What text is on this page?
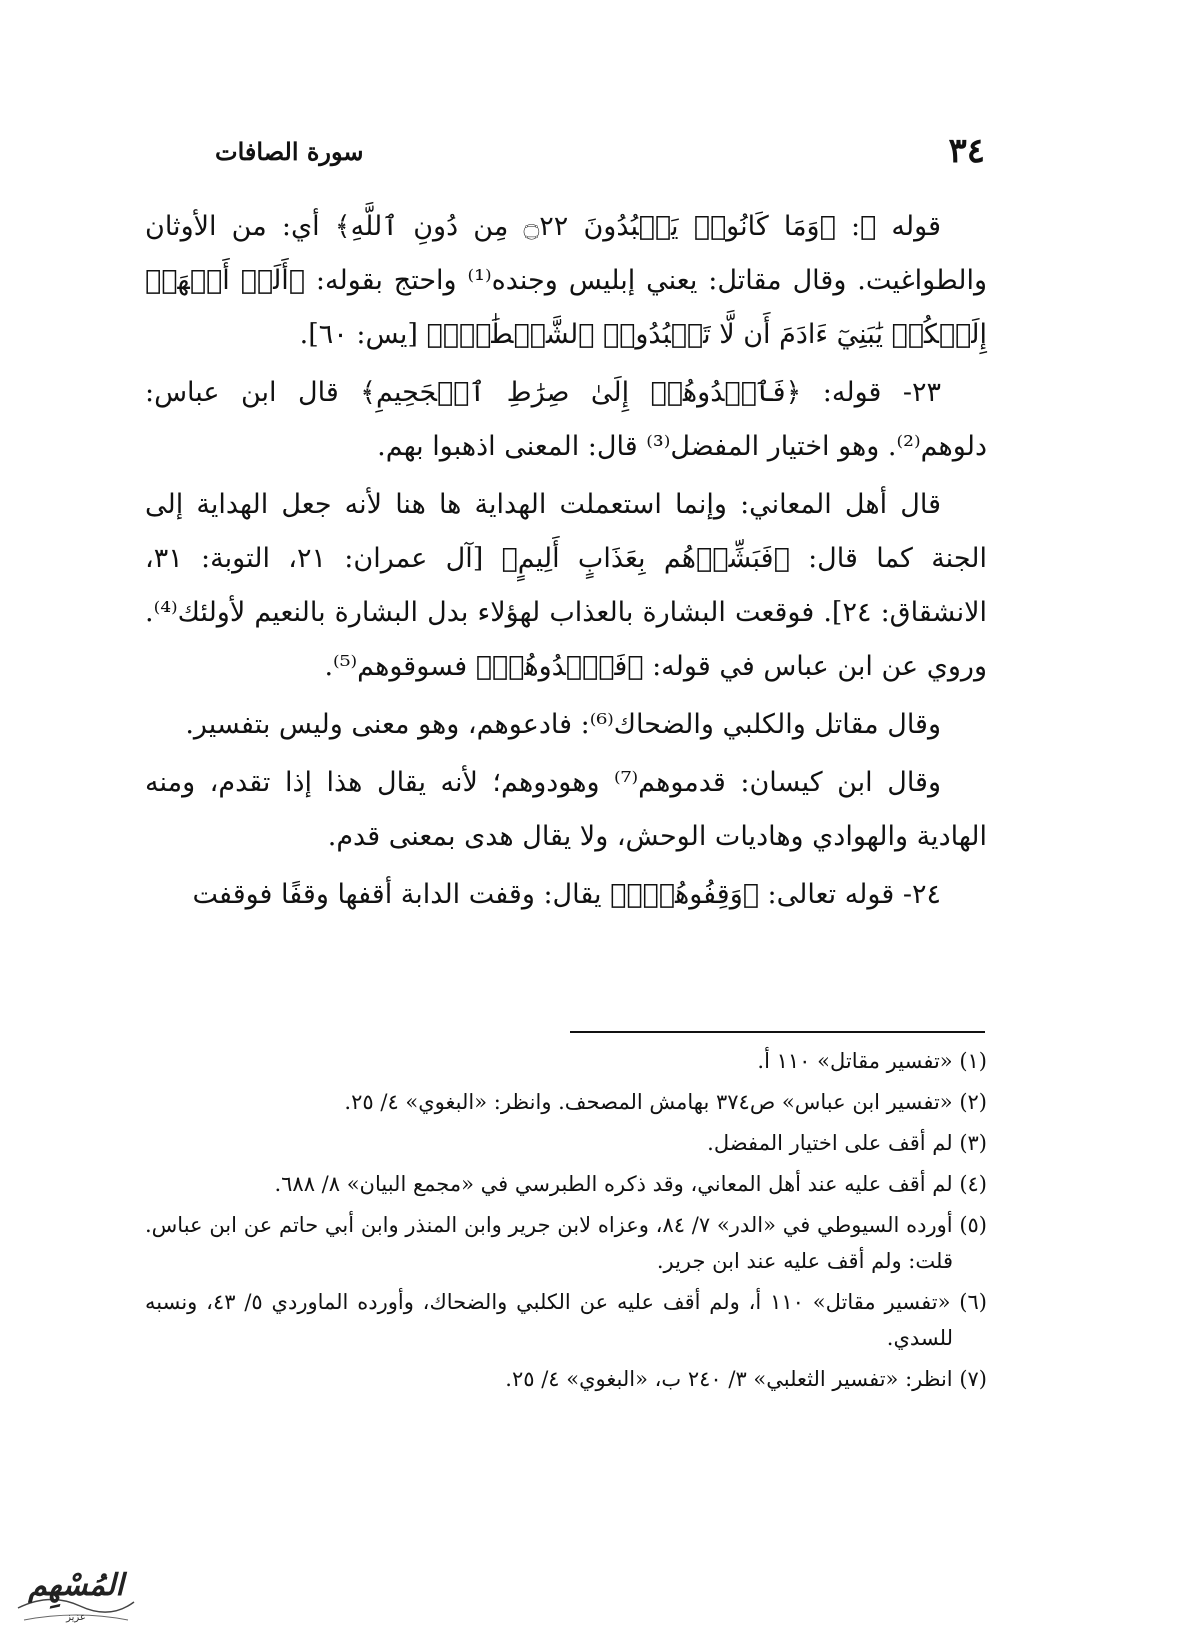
٣٤
سورة الصافات

قوله ﷻ: ﴿وَمَا كَانُوا۟ يَعۡبُدُونَ ۝٢٢ مِن دُونِ ٱللَّهِ﴾ أي: من الأوثان والطواغيت. وقال مقاتل: يعني إبليس وجنده⁽¹⁾ واحتج بقوله: ﴿أَلَمۡ أَعۡهَدۡ إِلَيۡكُمۡ يَٰبَنِيٓ ءَادَمَ أَن لَّا تَعۡبُدُوا۟ ٱلشَّيۡطَٰنَۖ﴾ [يس: ٦٠].

٢٣- قوله: ﴿فَٱهۡدُوهُمۡ إِلَىٰ صِرَٰطِ ٱلۡجَحِيمِ﴾ قال ابن عباس: دلوهم⁽²⁾. وهو اختيار المفضل⁽³⁾ قال: المعنى اذهبوا بهم.

قال أهل المعاني: وإنما استعملت الهداية ها هنا لأنه جعل الهداية إلى الجنة كما قال: ﴿فَبَشِّرۡهُم بِعَذَابٍ أَلِيمٍ﴾ [آل عمران: ٢١، التوبة: ٣١، الانشقاق: ٢٤]. فوقعت البشارة بالعذاب لهؤلاء بدل البشارة بالنعيم لأولئك⁽⁴⁾. وروي عن ابن عباس في قوله: ﴿فَٱهۡدُوهُمۡ﴾ فسوقوهم⁽⁵⁾.

وقال مقاتل والكلبي والضحاك⁽⁶⁾: فادعوهم، وهو معنى وليس بتفسير.

وقال ابن كيسان: قدموهم⁽⁷⁾ وهودوهم؛ لأنه يقال هذا إذا تقدم، ومنه الهادية والهوادي وهاديات الوحش، ولا يقال هدى بمعنى قدم.

٢٤- قوله تعالى: ﴿وَقِفُوهُمۡۖ﴾ يقال: وقفت الدابة أقفها وقفًا فوقفت

(١) «تفسير مقاتل» ١١٠ أ.
(٢) «تفسير ابن عباس» ص٣٧٤ بهامش المصحف. وانظر: «البغوي» ٤/ ٢٥.
(٣) لم أقف على اختيار المفضل.
(٤) لم أقف عليه عند أهل المعاني، وقد ذكره الطبرسي في «مجمع البيان» ٨/ ٦٨٨.
(٥) أورده السيوطي في «الدر» ٧/ ٨٤، وعزاه لابن جرير وابن المنذر وابن أبي حاتم عن ابن عباس. قلت: ولم أقف عليه عند ابن جرير.
(٦) «تفسير مقاتل» ١١٠ أ، ولم أقف عليه عن الكلبي والضحاك، وأورده الماوردي ٥/ ٤٣، ونسبه للسدي.
(٧) انظر: «تفسير الثعلبي» ٣/ ٢٤٠ ب، «البغوي» ٤/ ٢٥.
المُسْهِم
عزيز
